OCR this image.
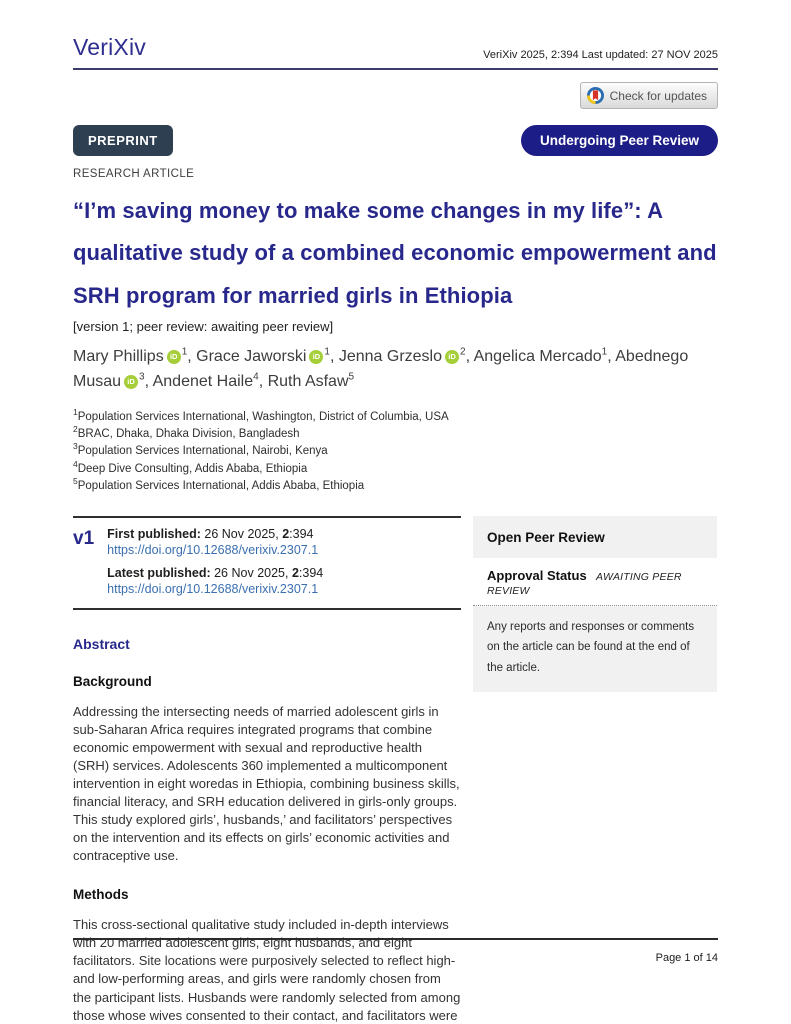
VeriXiv	VeriXiv 2025, 2:394 Last updated: 27 NOV 2025
Check for updates
PREPRINT	Undergoing Peer Review
RESEARCH ARTICLE
“I’m saving money to make some changes in my life”: A qualitative study of a combined economic empowerment and SRH program for married girls in Ethiopia
[version 1; peer review: awaiting peer review]
Mary Phillips iD $^1$, Grace Jaworski iD $^1$, Jenna Grzeslo iD $^2$, Angelica Mercado$^1$, Abednego Musau iD $^3$, Andenet Haile$^4$, Ruth Asfaw$^5$
$^1$Population Services International, Washington, District of Columbia, USA
$^2$BRAC, Dhaka, Dhaka Division, Bangladesh
$^3$Population Services International, Nairobi, Kenya
$^4$Deep Dive Consulting, Addis Ababa, Ethiopia
$^5$Population Services International, Addis Ababa, Ethiopia
v1 First published: 26 Nov 2025, 2:394
https://doi.org/10.12688/verixiv.2307.1
Latest published: 26 Nov 2025, 2:394
https://doi.org/10.12688/verixiv.2307.1
Abstract
Background

Addressing the intersecting needs of married adolescent girls in sub-Saharan Africa requires integrated programs that combine economic empowerment with sexual and reproductive health (SRH) services. Adolescents 360 implemented a multicomponent intervention in eight woredas in Ethiopia, combining business skills, financial literacy, and SRH education delivered in girls-only groups. This study explored girls’, husbands,’ and facilitators’ perspectives on the intervention and its effects on girls’ economic activities and contraceptive use.

Methods

This cross-sectional qualitative study included in-depth interviews with 20 married adolescent girls, eight husbands, and eight facilitators. Site locations were purposively selected to reflect high- and low-performing areas, and girls were randomly chosen from the participant lists. Husbands were randomly selected from among those whose wives consented to their contact, and facilitators were

Open Peer Review
Approval Status AWAITING PEER REVIEW
Any reports and responses or comments on the article can be found at the end of the article.
Page 1 of 14
